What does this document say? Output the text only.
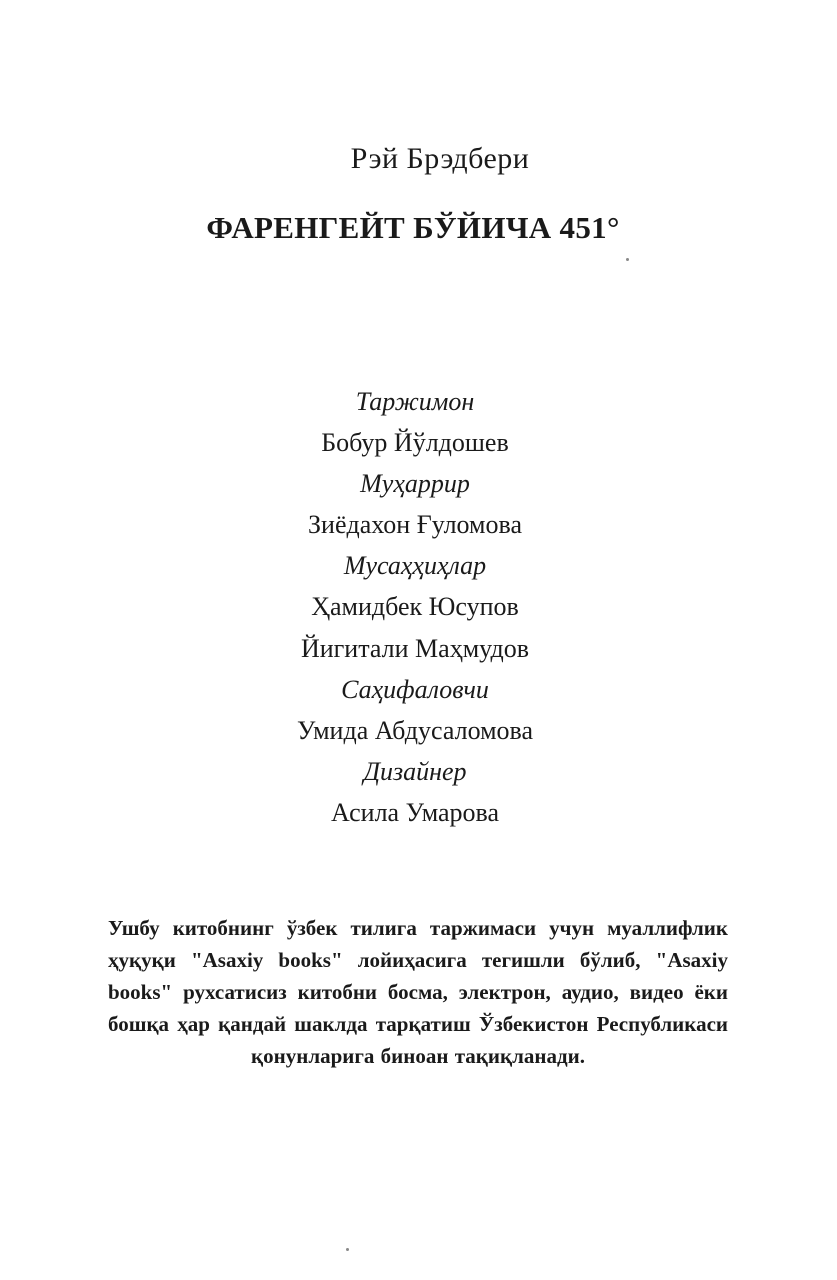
Рэй Брэдбери
ФАРЕНГЕЙТ БЎЙИЧА 451°
Таржимон
Бобур Йўлдошев
Муҳаррир
Зиёдахон Ғуломова
Мусаҳҳиҳлар
Ҳамидбек Юсупов
Йигитали Маҳмудов
Саҳифаловчи
Умида Абдусаломова
Дизайнер
Асила Умарова
Ушбу китобнинг ўзбек тилига таржимаси учун муаллифлик ҳуқуқи "Asaxiy books" лойиҳасига тегишли бўлиб, "Asaxiy books" рухсатисиз китобни босма, электрон, аудио, видео ёки бошқа ҳар қандай шаклда тарқатиш Ўзбекистон Республикаси қонунларига биноан тақиқланади.
